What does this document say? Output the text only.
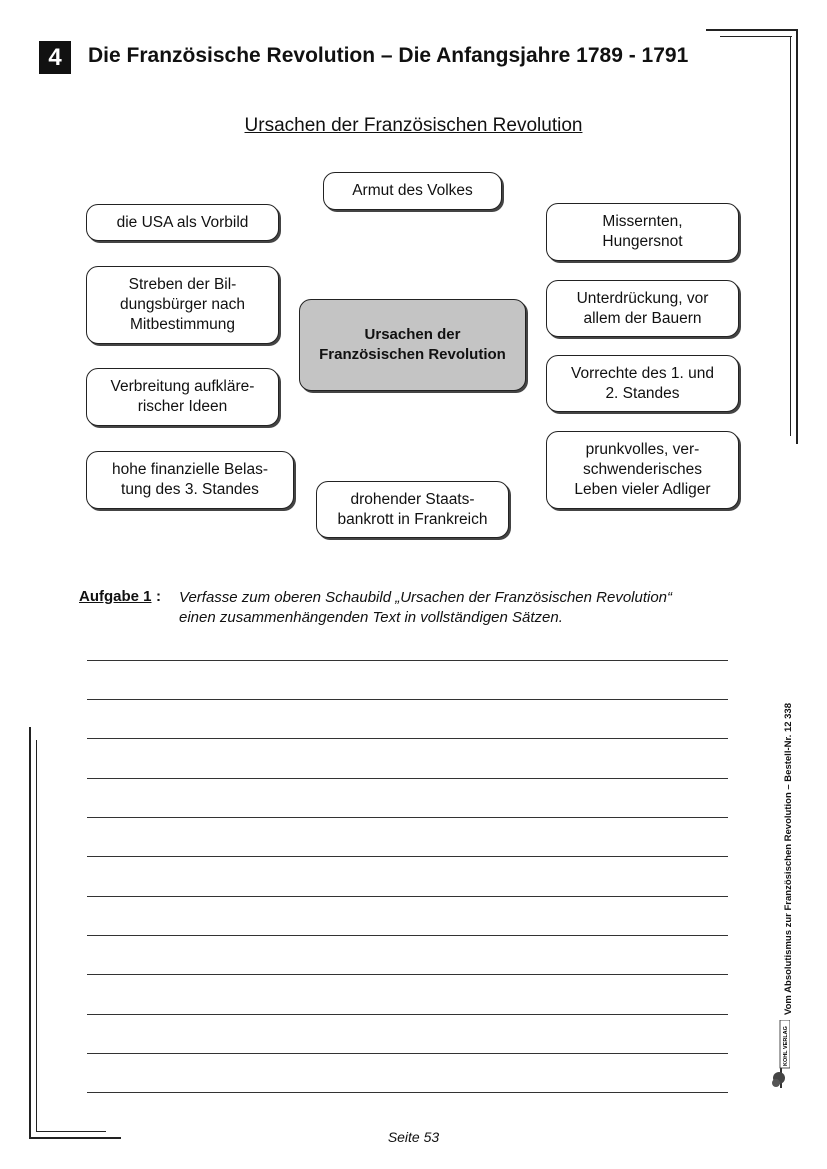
4	Die Französische Revolution – Die Anfangsjahre 1789 - 1791
Ursachen der Französischen Revolution
Armut des Volkes
die USA als Vorbild	Missernten,
Hungersnot
Streben der Bil-
dungsbürger nach
Mitbestimmung
Unterdrückung, vor
allem der Bauern
Ursachen der
Französischen Revolution
Vorrechte des 1. und
2. Standes
Verbreitung aufkläre-
rischer Ideen
prunkvolles, ver-
schwenderisches
Leben vieler Adliger
hohe finanzielle Belas-
tung des 3. Standes
drohender Staats-
bankrott in Frankreich
Aufgabe 1 : Verfasse zum oberen Schaubild „Ursachen der Französischen Revolution“
einen zusammenhängenden Text in vollständigen Sätzen.
Vom Absolutismus zur Französischen Revolution – Bestell-Nr. 12 338
KOHL VERLAG
Seite 53
